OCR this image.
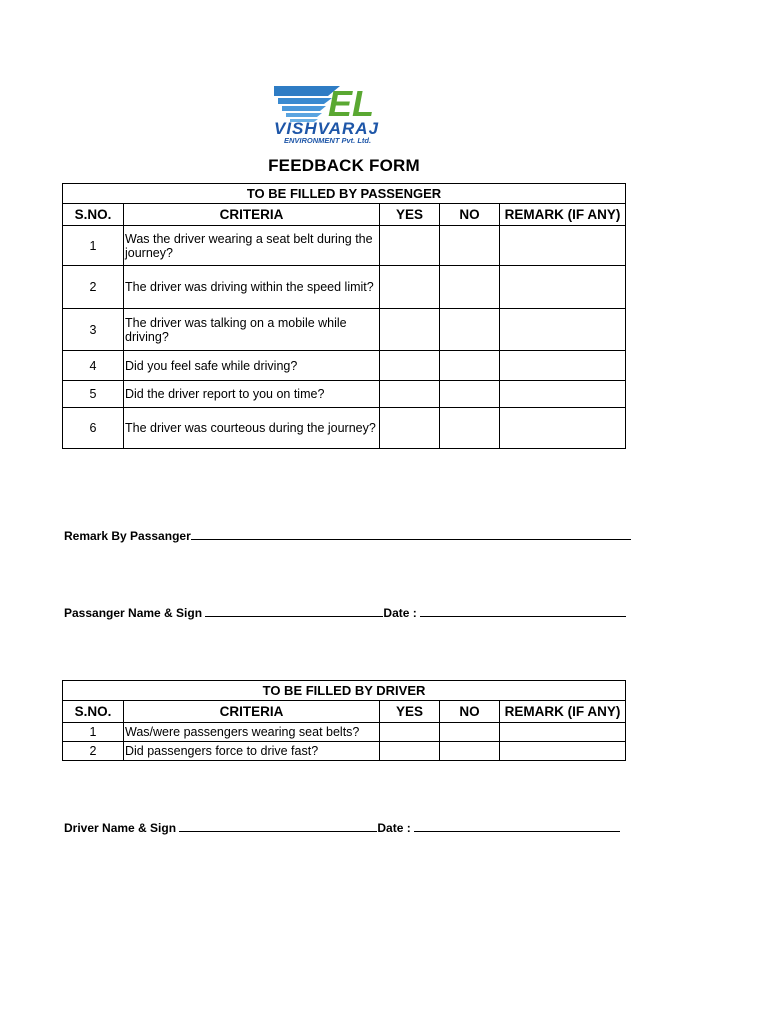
EL
VISHVARAJ
ENVIRONMENT Pvt. Ltd.
FEEDBACK FORM
TO BE FILLED BY PASSENGER				
S.NO.	CRITERIA	YES	NO	REMARK (IF ANY)
1	Was the driver wearing a seat belt during the journey?			
2	The driver was driving within the speed limit?			
3	The driver was talking on a mobile while driving?			
4	Did you feel safe while driving?			
5	Did the driver report to you on time?			
6	The driver was courteous during the journey?			
Remark By Passanger
Passanger Name & Sign	Date :
TO BE FILLED BY DRIVER				
S.NO.	CRITERIA	YES	NO	REMARK (IF ANY)
1	Was/were passengers wearing seat belts?			
2	Did passengers force to drive fast?			
Driver Name & Sign	Date :
